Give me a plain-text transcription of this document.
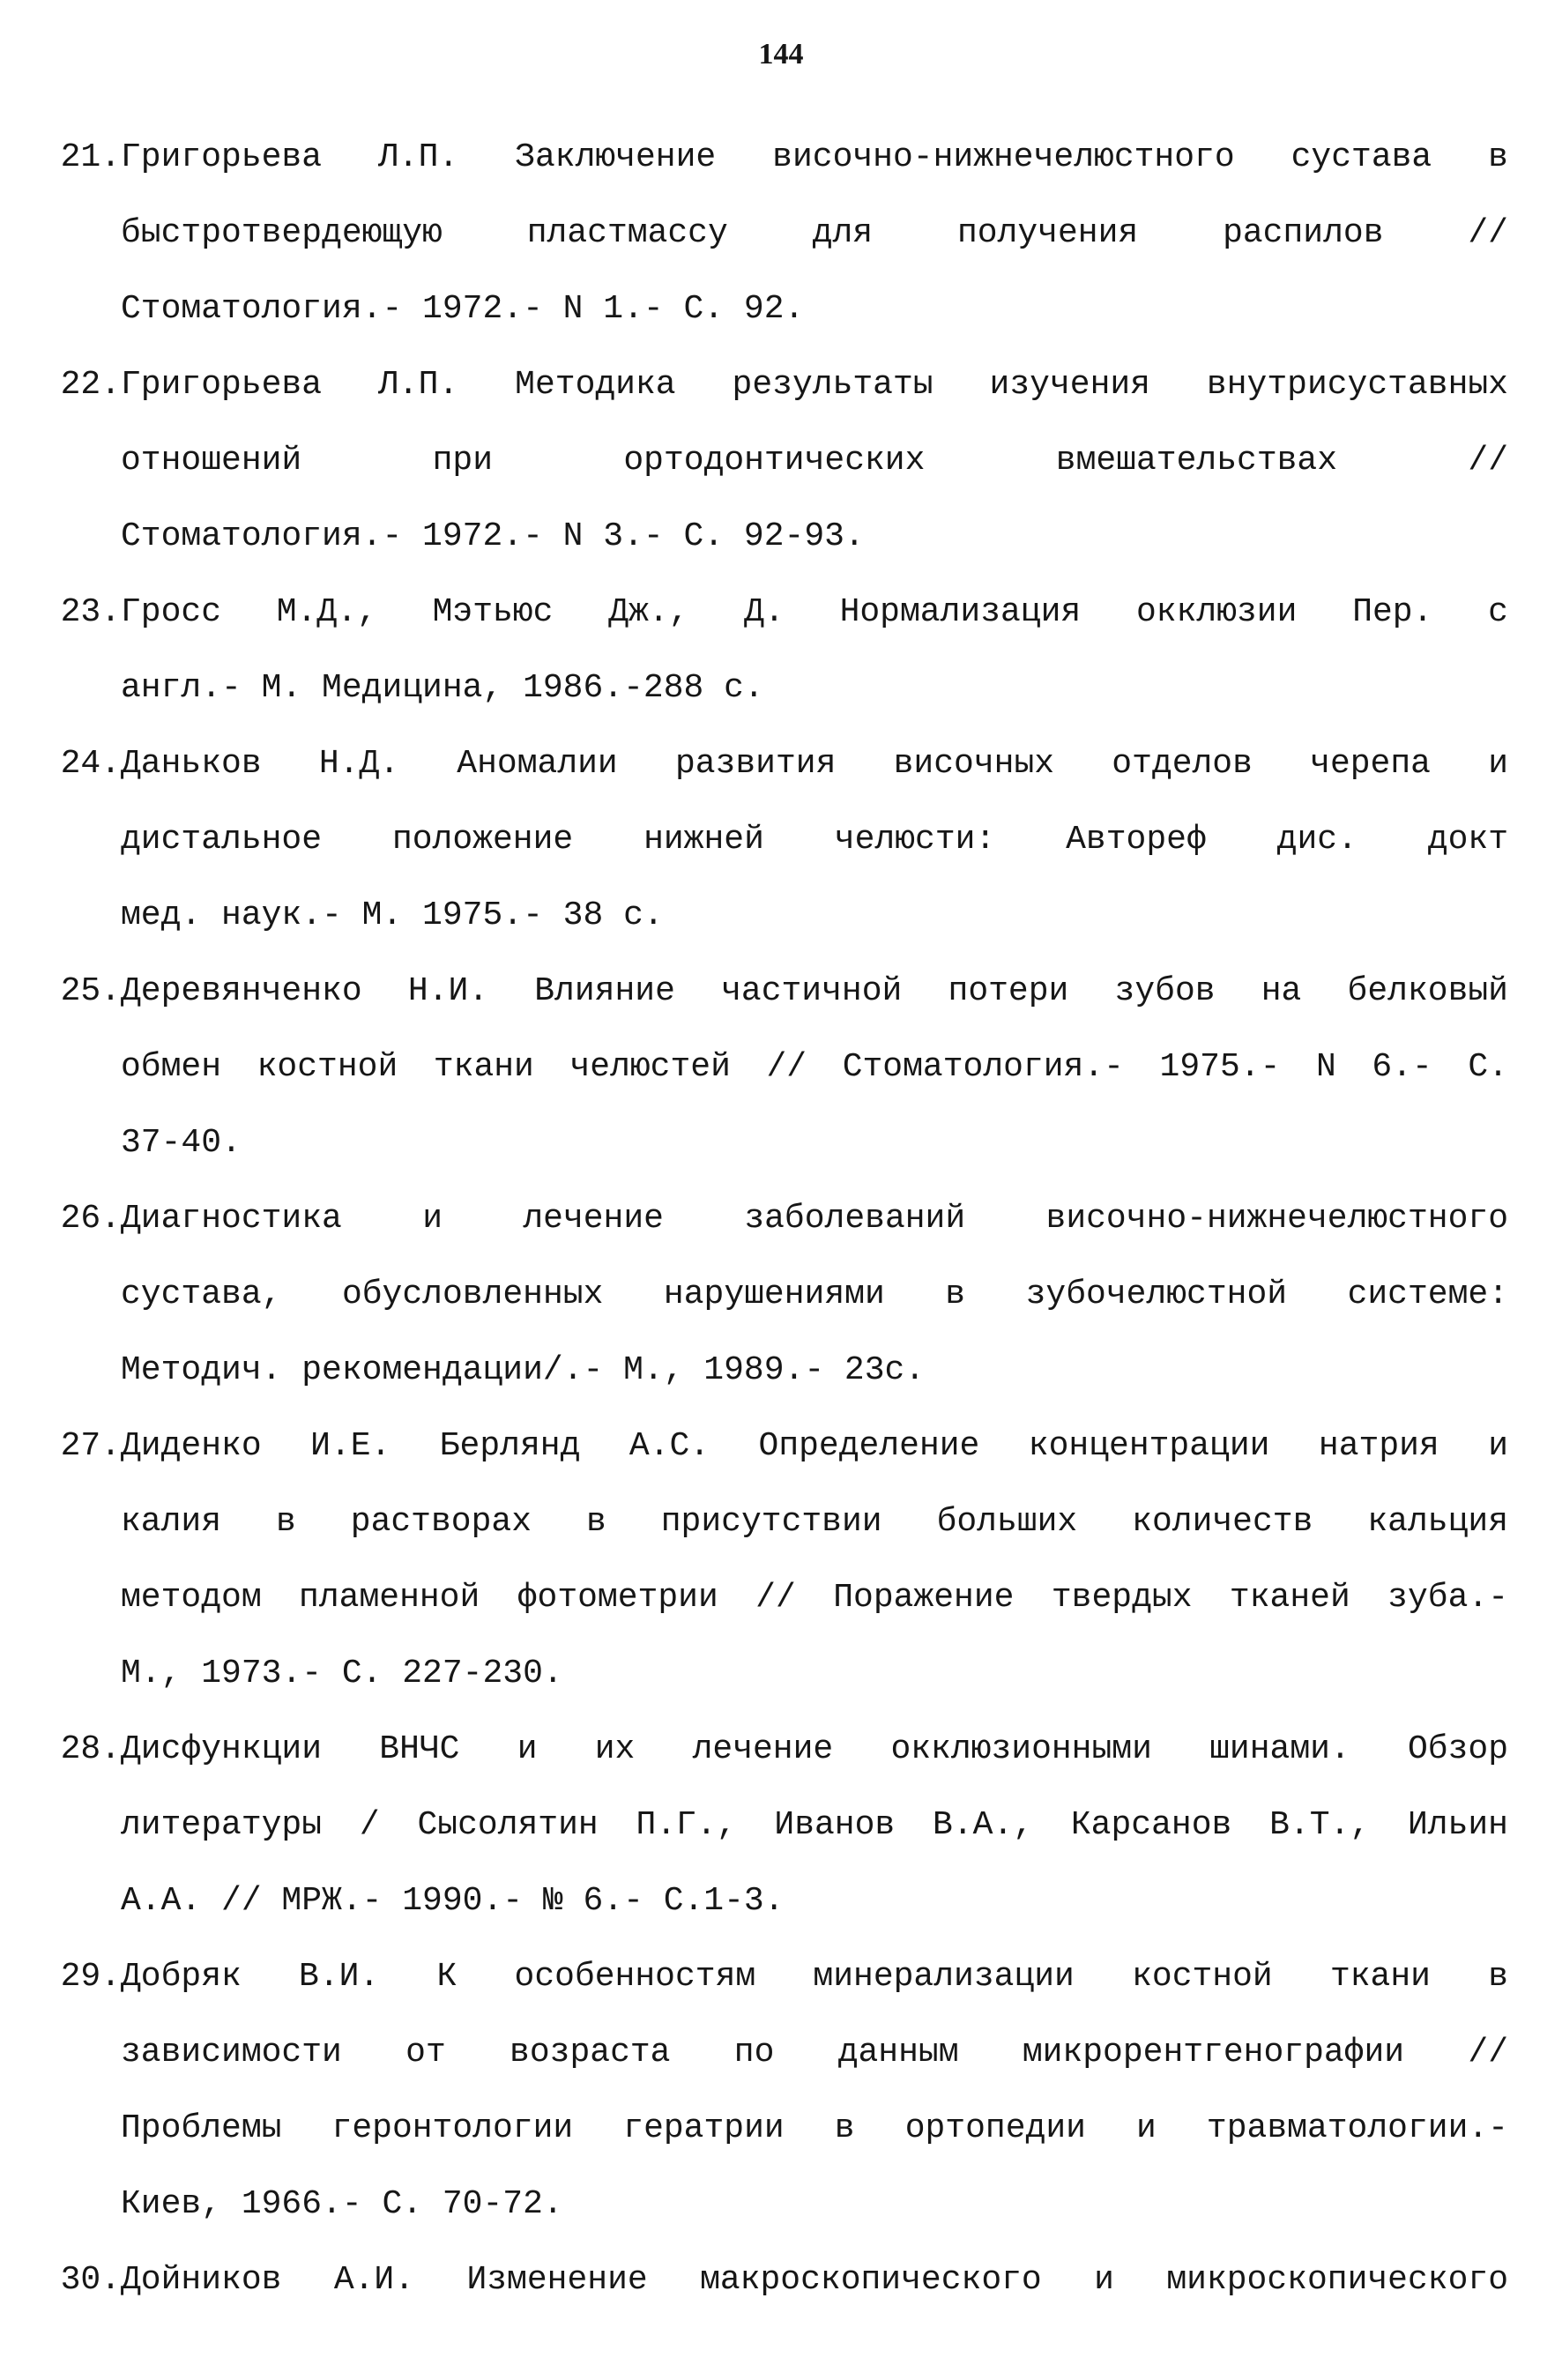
144
21. Григорьева Л.П. Заключение височно-нижнечелюстного сустава в
быстротвердеющую пластмассу для получения распилов //
Стоматология.- 1972.- N 1.- С. 92.
22. Григорьева Л.П. Методика результаты изучения внутрисуставных
отношений при ортодонтических вмешательствах //
Стоматология.- 1972.- N 3.- С. 92-93.
23. Гросс М.Д., Мэтьюс Дж., Д. Нормализация окклюзии Пер. с
англ.- М. Медицина, 1986.-288 с.
24. Даньков Н.Д. Аномалии развития височных отделов черепа и
дистальное положение нижней челюсти: Автореф дис. докт
мед. наук.- М. 1975.- 38 с.
25. Деревянченко Н.И. Влияние частичной потери зубов на белковый
обмен костной ткани челюстей // Стоматология.- 1975.- N 6.- С.
37-40.
26. Диагностика и лечение заболеваний височно-нижнечелюстного
сустава, обусловленных нарушениями в зубочелюстной системе:
Методич. рекомендации/.- М., 1989.- 23с.
27. Диденко И.Е. Берлянд А.С. Определение концентрации натрия и
калия в растворах в присутствии больших количеств кальция
методом пламенной фотометрии // Поражение твердых тканей зуба.-
М., 1973.- С. 227-230.
28. Дисфункции ВНЧС и их лечение окклюзионными шинами. Обзор
литературы / Сысолятин П.Г., Иванов В.А., Карсанов В.Т., Ильин
А.А. // МРЖ.- 1990.- № 6.- С.1-3.
29. Добряк В.И. К особенностям минерализации костной ткани в
зависимости от возраста по данным микрорентгенографии //
Проблемы геронтологии гератрии в ортопедии и травматологии.-
Киев, 1966.- С. 70-72.
30. Дойников А.И. Изменение макроскопического и микроскопического
